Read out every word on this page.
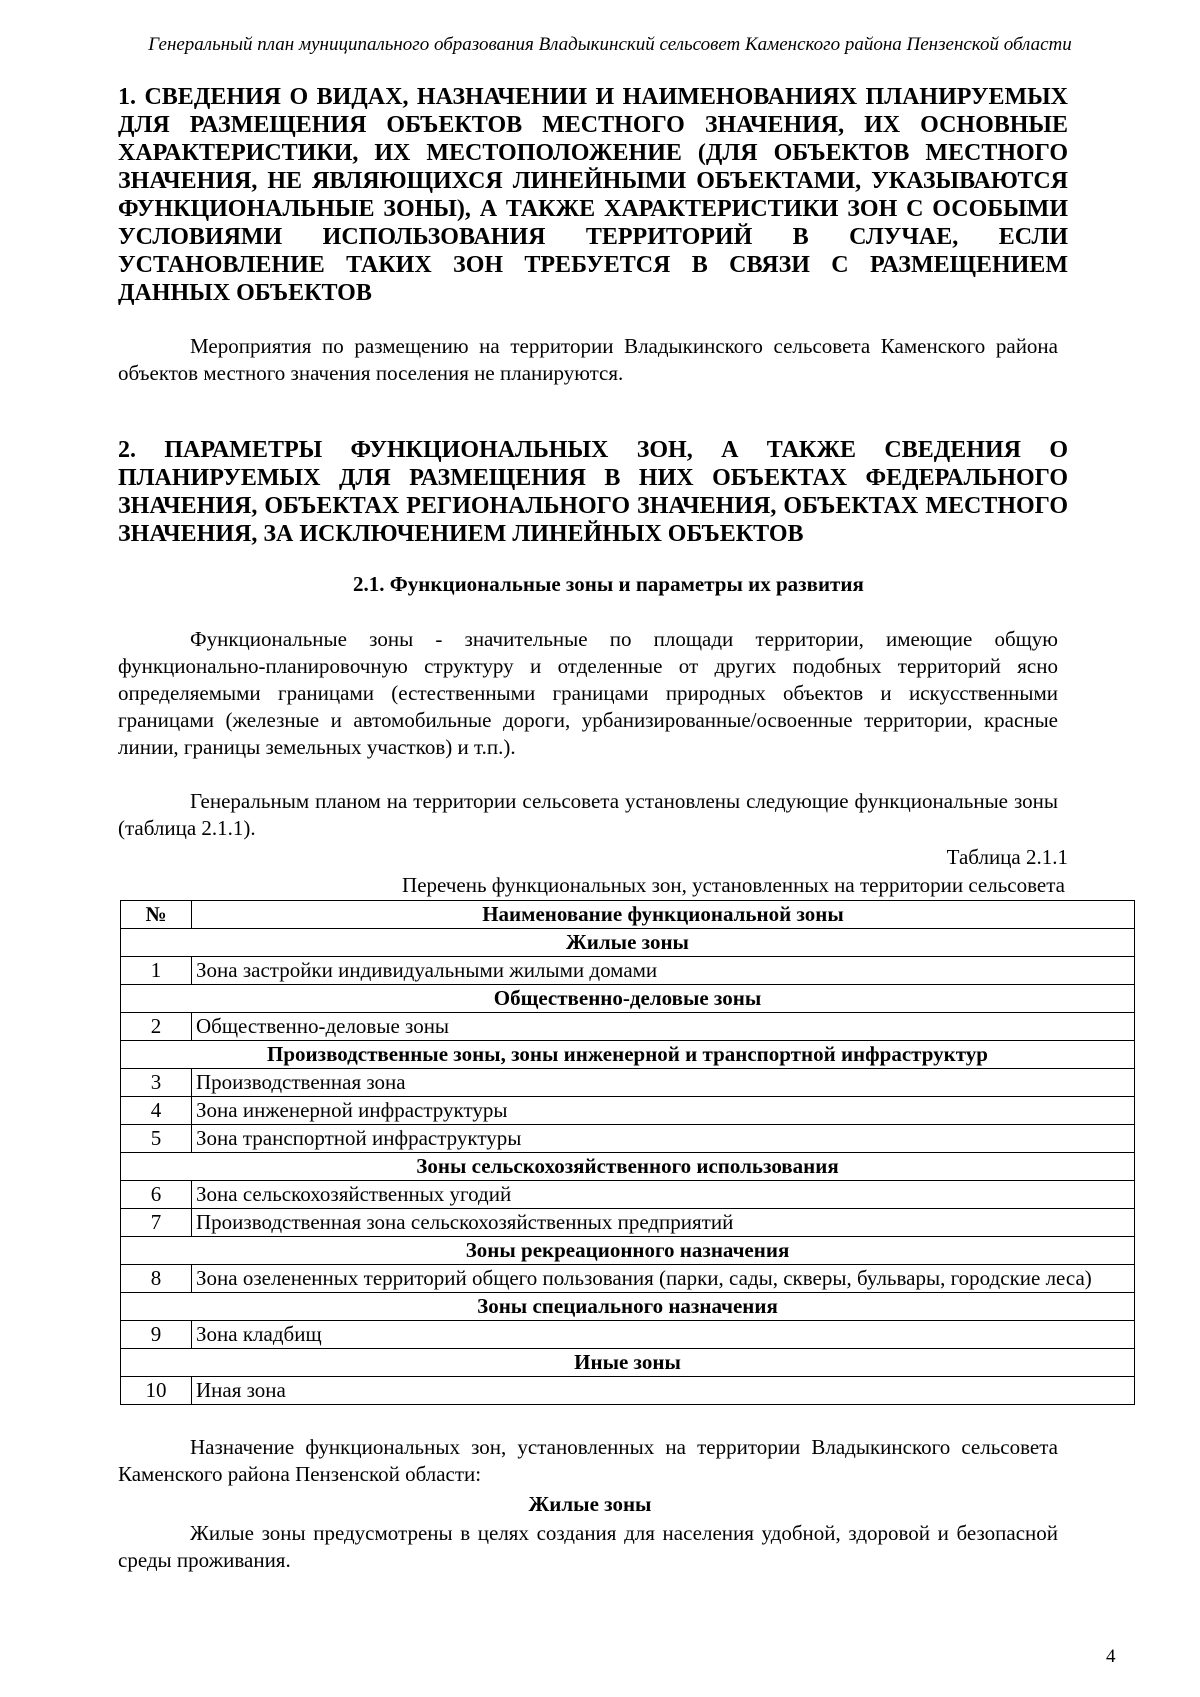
Генеральный план муниципального образования Владыкинский сельсовет Каменского района Пензенской области
1. СВЕДЕНИЯ О ВИДАХ, НАЗНАЧЕНИИ И НАИМЕНОВАНИЯХ ПЛАНИРУЕМЫХ ДЛЯ РАЗМЕЩЕНИЯ ОБЪЕКТОВ МЕСТНОГО ЗНАЧЕНИЯ, ИХ ОСНОВНЫЕ ХАРАКТЕРИСТИКИ, ИХ МЕСТОПОЛОЖЕНИЕ (ДЛЯ ОБЪЕКТОВ МЕСТНОГО ЗНАЧЕНИЯ, НЕ ЯВЛЯЮЩИХСЯ ЛИНЕЙНЫМИ ОБЪЕКТАМИ, УКАЗЫВАЮТСЯ ФУНКЦИОНАЛЬНЫЕ ЗОНЫ), А ТАКЖЕ ХАРАКТЕРИСТИКИ ЗОН С ОСОБЫМИ УСЛОВИЯМИ ИСПОЛЬЗОВАНИЯ ТЕРРИТОРИЙ В СЛУЧАЕ, ЕСЛИ УСТАНОВЛЕНИЕ ТАКИХ ЗОН ТРЕБУЕТСЯ В СВЯЗИ С РАЗМЕЩЕНИЕМ ДАННЫХ ОБЪЕКТОВ
Мероприятия по размещению на территории Владыкинского сельсовета Каменского района объектов местного значения поселения не планируются.
2. ПАРАМЕТРЫ ФУНКЦИОНАЛЬНЫХ ЗОН, А ТАКЖЕ СВЕДЕНИЯ О ПЛАНИРУЕМЫХ ДЛЯ РАЗМЕЩЕНИЯ В НИХ ОБЪЕКТАХ ФЕДЕРАЛЬНОГО ЗНАЧЕНИЯ, ОБЪЕКТАХ РЕГИОНАЛЬНОГО ЗНАЧЕНИЯ, ОБЪЕКТАХ МЕСТНОГО ЗНАЧЕНИЯ, ЗА ИСКЛЮЧЕНИЕМ ЛИНЕЙНЫХ ОБЪЕКТОВ
2.1. Функциональные зоны и параметры их развития
Функциональные зоны - значительные по площади территории, имеющие общую функционально-планировочную структуру и отделенные от других подобных территорий ясно определяемыми границами (естественными границами природных объектов и искусственными границами (железные и автомобильные дороги, урбанизированные/освоенные территории, красные линии, границы земельных участков) и т.п.).
Генеральным планом на территории сельсовета установлены следующие функциональные зоны (таблица 2.1.1).
Таблица 2.1.1
Перечень функциональных зон, установленных на территории сельсовета
№	Наименование функциональной зоны
Жилые зоны	
1	Зона застройки индивидуальными жилыми домами
Общественно-деловые зоны	
2	Общественно-деловые зоны
Производственные зоны, зоны инженерной и транспортной инфраструктур	
3	Производственная зона
4	Зона инженерной инфраструктуры
5	Зона транспортной инфраструктуры
Зоны сельскохозяйственного использования	
6	Зона сельскохозяйственных угодий
7	Производственная зона сельскохозяйственных предприятий
Зоны рекреационного назначения	
8	Зона озелененных территорий общего пользования (парки, сады, скверы, бульвары, городские леса)
Зоны специального назначения	
9	Зона кладбищ
Иные зоны	
10	Иная зона
Назначение функциональных зон, установленных на территории Владыкинского сельсовета Каменского района Пензенской области:
Жилые зоны
Жилые зоны предусмотрены в целях создания для населения удобной, здоровой и безопасной среды проживания.
4
